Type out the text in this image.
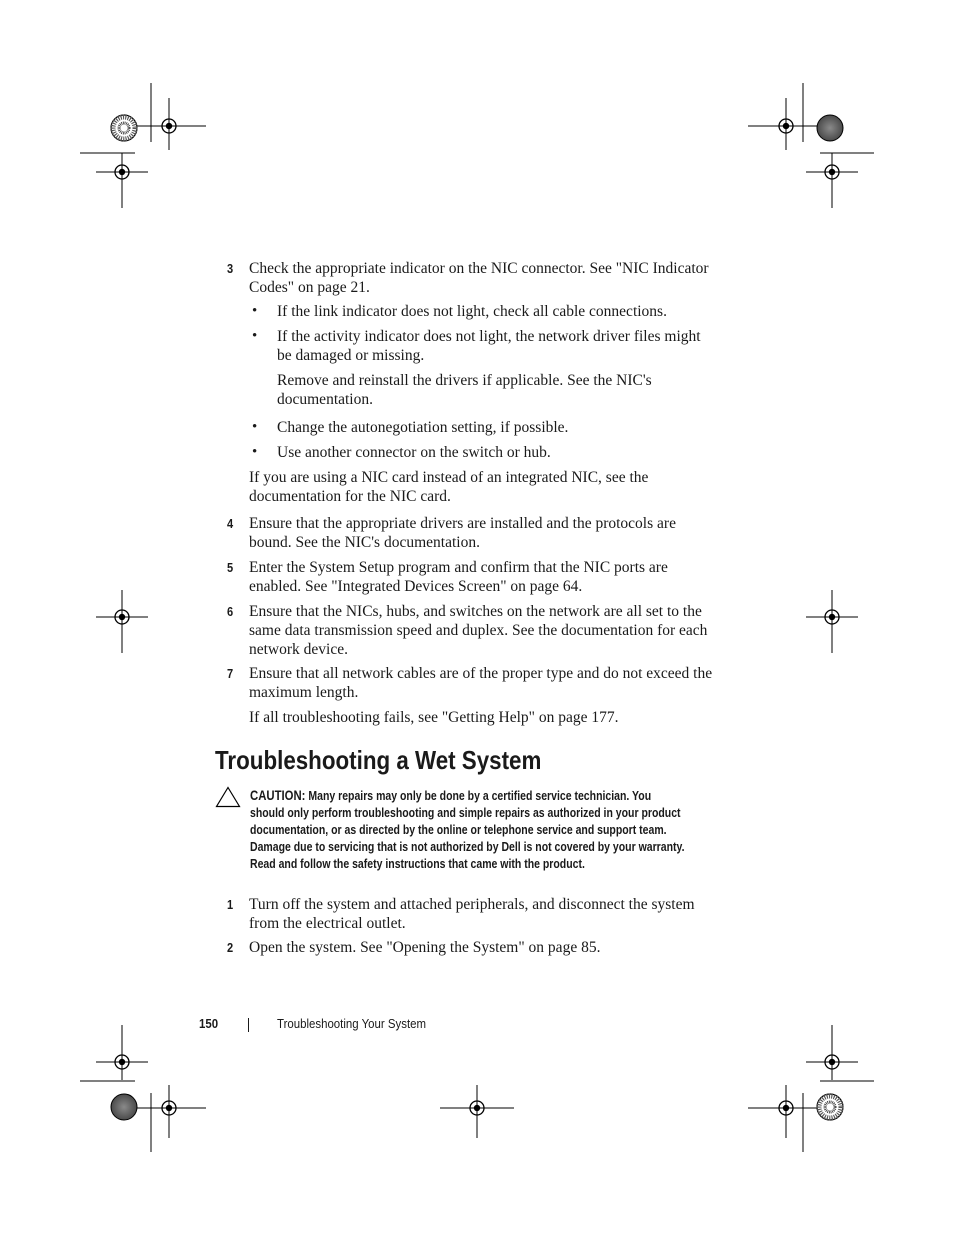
3 Check the appropriate indicator on the NIC connector. See "NIC Indicator Codes" on page 21.

• If the link indicator does not light, check all cable connections.

• If the activity indicator does not light, the network driver files might be damaged or missing.

Remove and reinstall the drivers if applicable. See the NIC's documentation.

• Change the autonegotiation setting, if possible.

• Use another connector on the switch or hub.

If you are using a NIC card instead of an integrated NIC, see the documentation for the NIC card.

4 Ensure that the appropriate drivers are installed and the protocols are bound. See the NIC's documentation.

5 Enter the System Setup program and confirm that the NIC ports are enabled. See "Integrated Devices Screen" on page 64.

6 Ensure that the NICs, hubs, and switches on the network are all set to the same data transmission speed and duplex. See the documentation for each network device.

7 Ensure that all network cables are of the proper type and do not exceed the maximum length.

If all troubleshooting fails, see "Getting Help" on page 177.

Troubleshooting a Wet System
CAUTION: Many repairs may only be done by a certified service technician. You should only perform troubleshooting and simple repairs as authorized in your product documentation, or as directed by the online or telephone service and support team. Damage due to servicing that is not authorized by Dell is not covered by your warranty. Read and follow the safety instructions that came with the product.
1 Turn off the system and attached peripherals, and disconnect the system from the electrical outlet.

2 Open the system. See "Opening the System" on page 85.

150	Troubleshooting Your System
